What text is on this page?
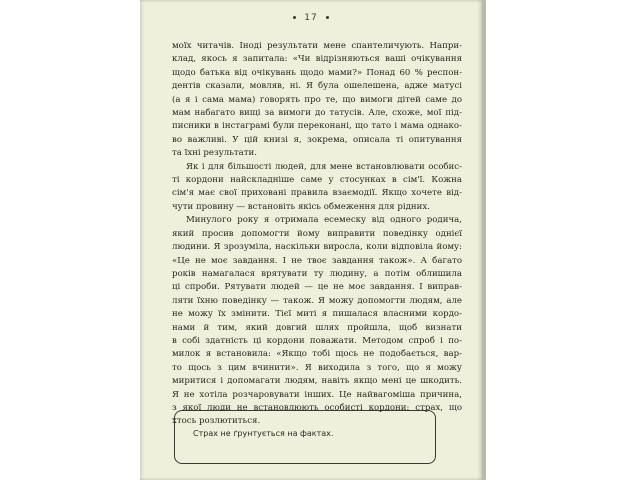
17
моїх читачів. Іноді результати мене спантеличують. Напри-
клад, якось я запитала: «Чи відрізняються ваші очікування
щодо батька від очікувань щодо мами?» Понад 60 % респон-
дентів сказали, мовляв, ні. Я була ошелешена, адже матусі
(а я і сама мама) говорять про те, що вимоги дітей саме до
мам набагато вищі за вимоги до татусів. Але, схоже, мої під-
писники в інстаграмі були переконані, що тато і мама однако-
во важливі. У цій книзі я, зокрема, описала ті опитування
та їхні результати.
Як і для більшості людей, для мене встановлювати особис-
ті кордони найскладніше саме у стосунках в сім'ї. Кожна
сім'я має свої приховані правила взаємодії. Якщо хочете від-
чути провину — встановіть якісь обмеження для рідних.
Минулого року я отримала есемеску від одного родича,
який просив допомогти йому виправити поведінку однієї
людини. Я зрозуміла, наскільки виросла, коли відповіла йому:
«Це не моє завдання. І не твоє завдання також». А багато
років намагалася врятувати ту людину, а потім облишила
ці спроби. Рятувати людей — це не моє завдання. І виправ-
ляти їхню поведінку — також. Я можу допомогти людям, але
не можу їх змінити. Тієї миті я пишалася власними кордо-
нами й тим, який довгий шлях пройшла, щоб визнати
в собі здатність ці кордони поважати. Методом спроб і по-
милок я встановила: «Якщо тобі щось не подобається, вар-
то щось з цим вчинити». Я виходила з того, що я можу
миритися і допомагати людям, навіть якщо мені це шкодить.
Я не хотіла розчаровувати інших. Це найвагоміша причина,
з якої люди не встановлюють особисті кордони: страх, що
хтось розлютиться.
Страх не ґрунтується на фактах.
